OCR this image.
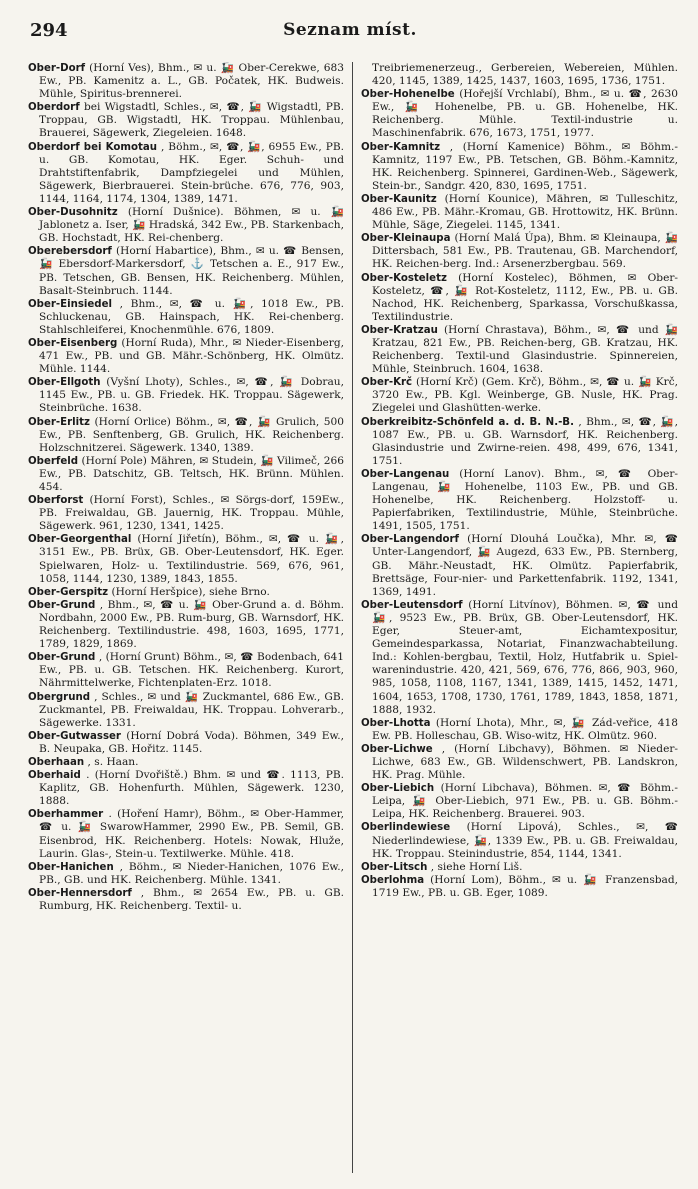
294	Seznam míst.

Ober-Dorf (Horní Ves), Bhm., ✉ u. 🚂 Ober-Cerekwe, 683 Ew., PB. Kamenitz a. L., GB. Počatek, HK. Budweis. Mühle, Spiritus-brennerei.

Oberdorf bei Wigstadtl, Schles., ✉, ☎, 🚂 Wigstadtl, PB. Troppau, GB. Wigstadtl, HK. Troppau. Mühlenbau, Brauerei, Sägewerk, Ziegeleien. 1648.

Oberdorf bei Komotau , Böhm., ✉, ☎, 🚂, 6955 Ew., PB. u. GB. Komotau, HK. Eger. Schuh- und Drahtstiftenfabrik, Dampfziegelei und Mühlen, Sägewerk, Bierbrauerei. Stein-brüche. 676, 776, 903, 1144, 1164, 1174, 1304, 1389, 1471.

Ober-Dusohnitz (Horní Dušnice). Böhmen, ✉ u. 🚂 Jablonetz a. Iser, 🚂 Hradská, 342 Ew., PB. Starkenbach, GB. Hochstadt, HK. Rei-chenberg.

Oberebersdorf (Horní Habartice), Bhm., ✉ u. ☎ Bensen, 🚂 Ebersdorf-Markersdorf, ⚓ Tetschen a. E., 917 Ew., PB. Tetschen, GB. Bensen, HK. Reichenberg. Mühlen, Basalt-Steinbruch. 1144.

Ober-Einsiedel , Bhm., ✉, ☎ u. 🚂, 1018 Ew., PB. Schluckenau, GB. Hainspach, HK. Rei-chenberg. Stahlschleiferei, Knochenmühle. 676, 1809.

Ober-Eisenberg (Horní Ruda), Mhr., ✉ Nieder-Eisenberg, 471 Ew., PB. und GB. Mähr.-Schönberg, HK. Olmütz. Mühle. 1144.

Ober-Ellgoth (Vyšní Lhoty), Schles., ✉, ☎, 🚂 Dobrau, 1145 Ew., PB. u. GB. Friedek. HK. Troppau. Sägewerk, Steinbrüche. 1638.

Ober-Erlitz (Horní Orlice) Böhm., ✉, ☎, 🚂 Grulich, 500 Ew., PB. Senftenberg, GB. Grulich, HK. Reichenberg. Holzschnitzerei. Sägewerk. 1340, 1389.

Oberfeld (Horní Pole) Mähren, ✉ Studein, 🚂 Vilimeč, 266 Ew., PB. Datschitz, GB. Teltsch, HK. Brünn. Mühlen. 454.

Oberforst (Horní Forst), Schles., ✉ Sörgs-dorf, 159Ew., PB. Freiwaldau, GB. Jauernig, HK. Troppau. Mühle, Sägewerk. 961, 1230, 1341, 1425.

Ober-Georgenthal (Horní Jiřetín), Böhm., ✉, ☎ u. 🚂, 3151 Ew., PB. Brüx, GB. Ober-Leutensdorf, HK. Eger. Spielwaren, Holz- u. Textilindustrie. 569, 676, 961, 1058, 1144, 1230, 1389, 1843, 1855.

Ober-Gerspitz (Horní Heršpice), siehe Brno.

Ober-Grund , Bhm., ✉, ☎ u. 🚂 Ober-Grund a. d. Böhm. Nordbahn, 2000 Ew., PB. Rum-burg, GB. Warnsdorf, HK. Reichenberg. Textilindustrie. 498, 1603, 1695, 1771, 1789, 1829, 1869.

Ober-Grund , (Horní Grunt) Böhm., ✉, ☎ Bodenbach, 641 Ew., PB. u. GB. Tetschen. HK. Reichenberg. Kurort, Nährmittelwerke, Fichtenplaten-Erz. 1018.

Obergrund , Schles., ✉ und 🚂 Zuckmantel, 686 Ew., GB. Zuckmantel, PB. Freiwaldau, HK. Troppau. Lohverarb., Sägewerke. 1331.

Ober-Gutwasser (Horní Dobrá Voda). Böhmen, 349 Ew., B. Neupaka, GB. Hořitz. 1145.

Oberhaan , s. Haan.

Oberhaid . (Horní Dvořiště.) Bhm. ✉ und ☎. 1113, PB. Kaplitz, GB. Hohenfurth. Mühlen, Sägewerk. 1230, 1888.

Oberhammer . (Hoření Hamr), Böhm., ✉ Ober-Hammer, ☎ u. 🚂 SwarowHammer, 2990 Ew., PB. Semil, GB. Eisenbrod, HK. Reichenberg. Hotels: Nowak, Hluže, Laurin. Glas-, Stein-u. Textilwerke. Mühle. 418.

Ober-Hanichen , Böhm., ✉ Nieder-Hanichen, 1076 Ew., PB., GB. und HK. Reichenberg. Mühle. 1341.

Ober-Hennersdorf , Bhm., ✉ 2654 Ew., PB. u. GB. Rumburg, HK. Reichenberg. Textil- u.

Treibriemenerzeug., Gerbereien, Webereien, Mühlen. 420, 1145, 1389, 1425, 1437, 1603, 1695, 1736, 1751.

Ober-Hohenelbe (Hořejší Vrchlabí), Bhm., ✉ u. ☎, 2630 Ew., 🚂 Hohenelbe, PB. u. GB. Hohenelbe, HK. Reichenberg. Mühle. Textil-industrie u. Maschinenfabrik. 676, 1673, 1751, 1977.

Ober-Kamnitz , (Horní Kamenice) Böhm., ✉ Böhm.-Kamnitz, 1197 Ew., PB. Tetschen, GB. Böhm.-Kamnitz, HK. Reichenberg. Spinnerei, Gardinen-Web., Sägewerk, Stein-br., Sandgr. 420, 830, 1695, 1751.

Ober-Kaunitz (Horní Kounice), Mähren, ✉ Tulleschitz, 486 Ew., PB. Mähr.-Kromau, GB. Hrottowitz, HK. Brünn. Mühle, Säge, Ziegelei. 1145, 1341.

Ober-Kleinaupa (Horní Malá Úpa), Bhm. ✉ Kleinaupa, 🚂 Dittersbach, 581 Ew., PB. Trautenau, GB. Marchendorf, HK. Reichen-berg. Ind.: Arsenerzbergbau. 569.

Ober-Kosteletz (Horní Kostelec), Böhmen, ✉ Ober-Kosteletz, ☎, 🚂 Rot-Kosteletz, 1112, Ew., PB. u. GB. Nachod, HK. Reichenberg, Sparkassa, Vorschußkassa, Textilindustrie.

Ober-Kratzau (Horní Chrastava), Böhm., ✉, ☎ und 🚂 Kratzau, 821 Ew., PB. Reichen-berg, GB. Kratzau, HK. Reichenberg. Textil-und Glasindustrie. Spinnereien, Mühle, Steinbruch. 1604, 1638.

Ober-Krč (Horní Krč) (Gem. Krč), Böhm., ✉, ☎ u. 🚂 Krč, 3720 Ew., PB. Kgl. Weinberge, GB. Nusle, HK. Prag. Ziegelei und Glashütten-werke.

Oberkreibitz-Schönfeld a. d. B. N.-B. , Bhm., ✉, ☎, 🚂, 1087 Ew., PB. u. GB. Warnsdorf, HK. Reichenberg. Glasindustrie und Zwirne-reien. 498, 499, 676, 1341, 1751.

Ober-Langenau (Horní Lanov). Bhm., ✉, ☎ Ober-Langenau, 🚂 Hohenelbe, 1103 Ew., PB. und GB. Hohenelbe, HK. Reichenberg. Holzstoff- u. Papierfabriken, Textilindustrie, Mühle, Steinbrüche. 1491, 1505, 1751.

Ober-Langendorf (Horní Dlouhá Loučka), Mhr. ✉, ☎ Unter-Langendorf, 🚂 Augezd, 633 Ew., PB. Sternberg, GB. Mähr.-Neustadt, HK. Olmütz. Papierfabrik, Brettsäge, Four-nier- und Parkettenfabrik. 1192, 1341, 1369, 1491.

Ober-Leutensdorf (Horní Litvínov), Böhmen. ✉, ☎ und 🚂, 9523 Ew., PB. Brüx, GB. Ober-Leutensdorf, HK. Eger, Steuer-amt, Eichamtexpositur, Gemeindesparkassa, Notariat, Finanzwachabteilung. Ind.: Kohlen-bergbau, Textil, Holz, Hutfabrik u. Spiel-warenindustrie. 420, 421, 569, 676, 776, 866, 903, 960, 985, 1058, 1108, 1167, 1341, 1389, 1415, 1452, 1471, 1604, 1653, 1708, 1730, 1761, 1789, 1843, 1858, 1871, 1888, 1932.

Ober-Lhotta (Horní Lhota), Mhr., ✉, 🚂 Zád-veřice, 418 Ew. PB. Holleschau, GB. Wiso-witz, HK. Olmütz. 960.

Ober-Lichwe , (Horní Libchavy), Böhmen. ✉ Nieder-Lichwe, 683 Ew., GB. Wildenschwert, PB. Landskron, HK. Prag. Mühle.

Ober-Liebich (Horní Libchava), Böhmen. ✉, ☎ Böhm.-Leipa, 🚂 Ober-Liebich, 971 Ew., PB. u. GB. Böhm.-Leipa, HK. Reichenberg. Brauerei. 903.

Oberlindewiese (Horní Lipová), Schles., ✉, ☎ Niederlindewiese, 🚂, 1339 Ew., PB. u. GB. Freiwaldau, HK. Troppau. Steinindustrie, 854, 1144, 1341.

Ober-Litsch , siehe Horní Liš.

Oberlohma (Horní Lom), Böhm., ✉ u. 🚂 Franzensbad, 1719 Ew., PB. u. GB. Eger, 1089.
